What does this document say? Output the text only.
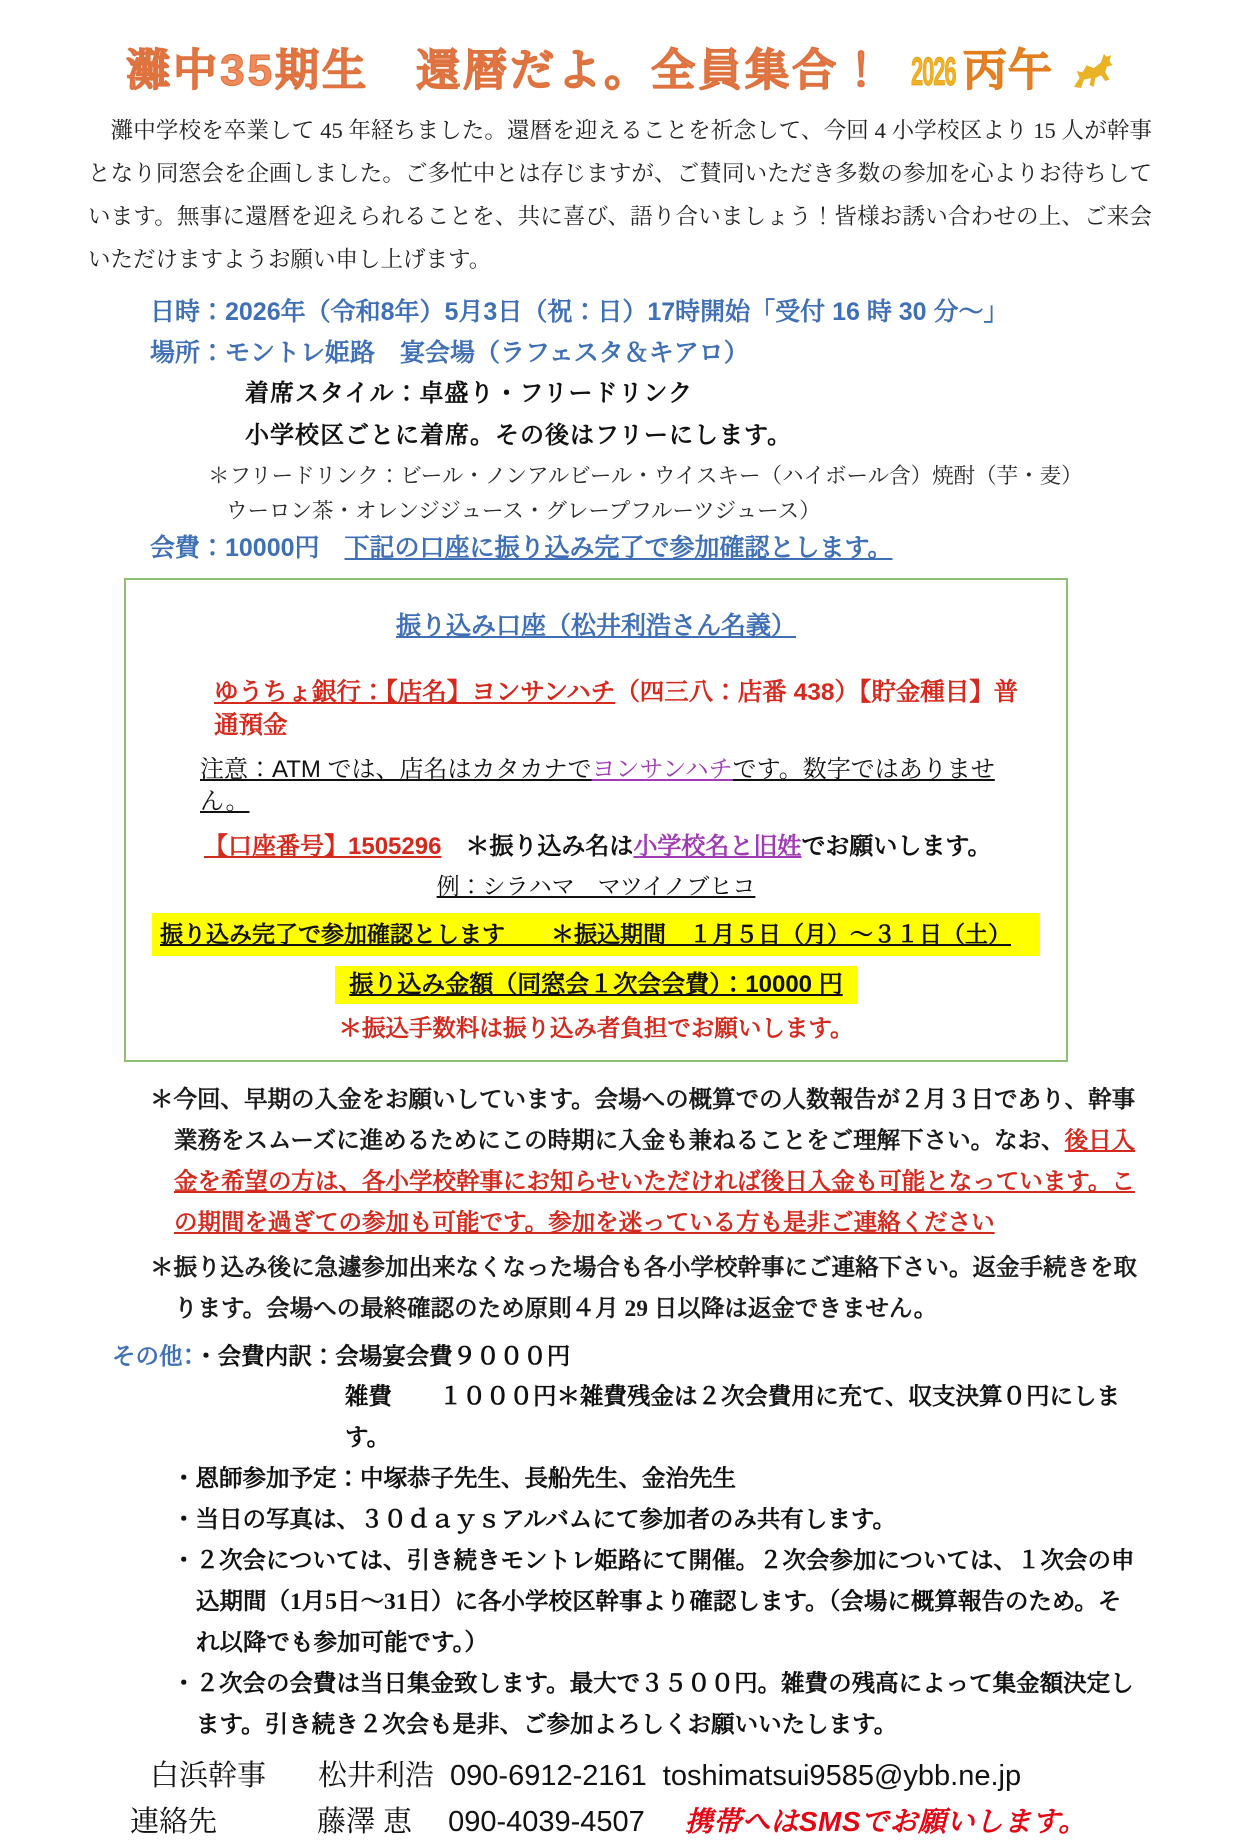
灘中35期生　還暦だよ。全員集合！ 2026 丙午

　灘中学校を卒業して 45 年経ちました。還暦を迎えることを祈念して、今回 4 小学校区より 15 人が幹事となり同窓会を企画しました。ご多忙中とは存じますが、ご賛同いただき多数の参加を心よりお待ちしています。無事に還暦を迎えられることを、共に喜び、語り合いましょう！皆様お誘い合わせの上、ご来会いただけますようお願い申し上げます。

日時：2026年（令和8年）5月3日（祝：日）17時開始「受付 16 時 30 分～」

場所：モントレ姫路　宴会場（ラフェスタ＆キアロ）

着席スタイル：卓盛り・フリードリンク

小学校区ごとに着席。その後はフリーにします。

＊フリードリンク：ビール・ノンアルビール・ウイスキー（ハイボール含）焼酎（芋・麦）

ウーロン茶・オレンジジュース・グレープフルーツジュース）

会費：10000円　下記の口座に振り込み完了で参加確認とします。

振り込み口座（松井利浩さん名義）

ゆうちょ銀行：【店名】ヨンサンハチ（四三八：店番 438）【貯金種目】普通預金

注意：ATM では、店名はカタカナでヨンサンハチです。数字ではありません。

【口座番号】1505296　＊振り込み名は小学校名と旧姓でお願いします。

例：シラハマ　マツイノブヒコ

振り込み完了で参加確認とします　　＊振込期間　１月５日（月）～３１日（土）

振り込み金額（同窓会１次会会費）：10000 円

＊振込手数料は振り込み者負担でお願いします。

＊今回、早期の入金をお願いしています。会場への概算での人数報告が２月３日であり、幹事業務をスムーズに進めるためにこの時期に入金も兼ねることをご理解下さい。なお、後日入金を希望の方は、各小学校幹事にお知らせいただければ後日入金も可能となっています。この期間を過ぎての参加も可能です。参加を迷っている方も是非ご連絡ください

＊振り込み後に急遽参加出来なくなった場合も各小学校幹事にご連絡下さい。返金手続きを取ります。会場への最終確認のため原則４月 29 日以降は返金できません。

その他：・会費内訳：会場宴会費９０００円

雑費　　１０００円＊雑費残金は２次会費用に充て、収支決算０円にします。

・恩師参加予定：中塚恭子先生、長船先生、金治先生

・当日の写真は、３０ｄａｙｓアルバムにて参加者のみ共有します。

・２次会については、引き続きモントレ姫路にて開催。２次会参加については、１次会の申込期間（1月5日～31日）に各小学校区幹事より確認します。（会場に概算報告のため。それ以降でも参加可能です。）

・２次会の会費は当日集金致します。最大で３５００円。雑費の残高によって集金額決定します。引き続き２次会も是非、ご参加よろしくお願いいたします。

白浜幹事 松井利浩 090-6912-2161 toshimatsui9585@ybb.ne.jp

連絡先	藤澤 恵 090-4039-4507 携帯へはSMSでお願いします。
